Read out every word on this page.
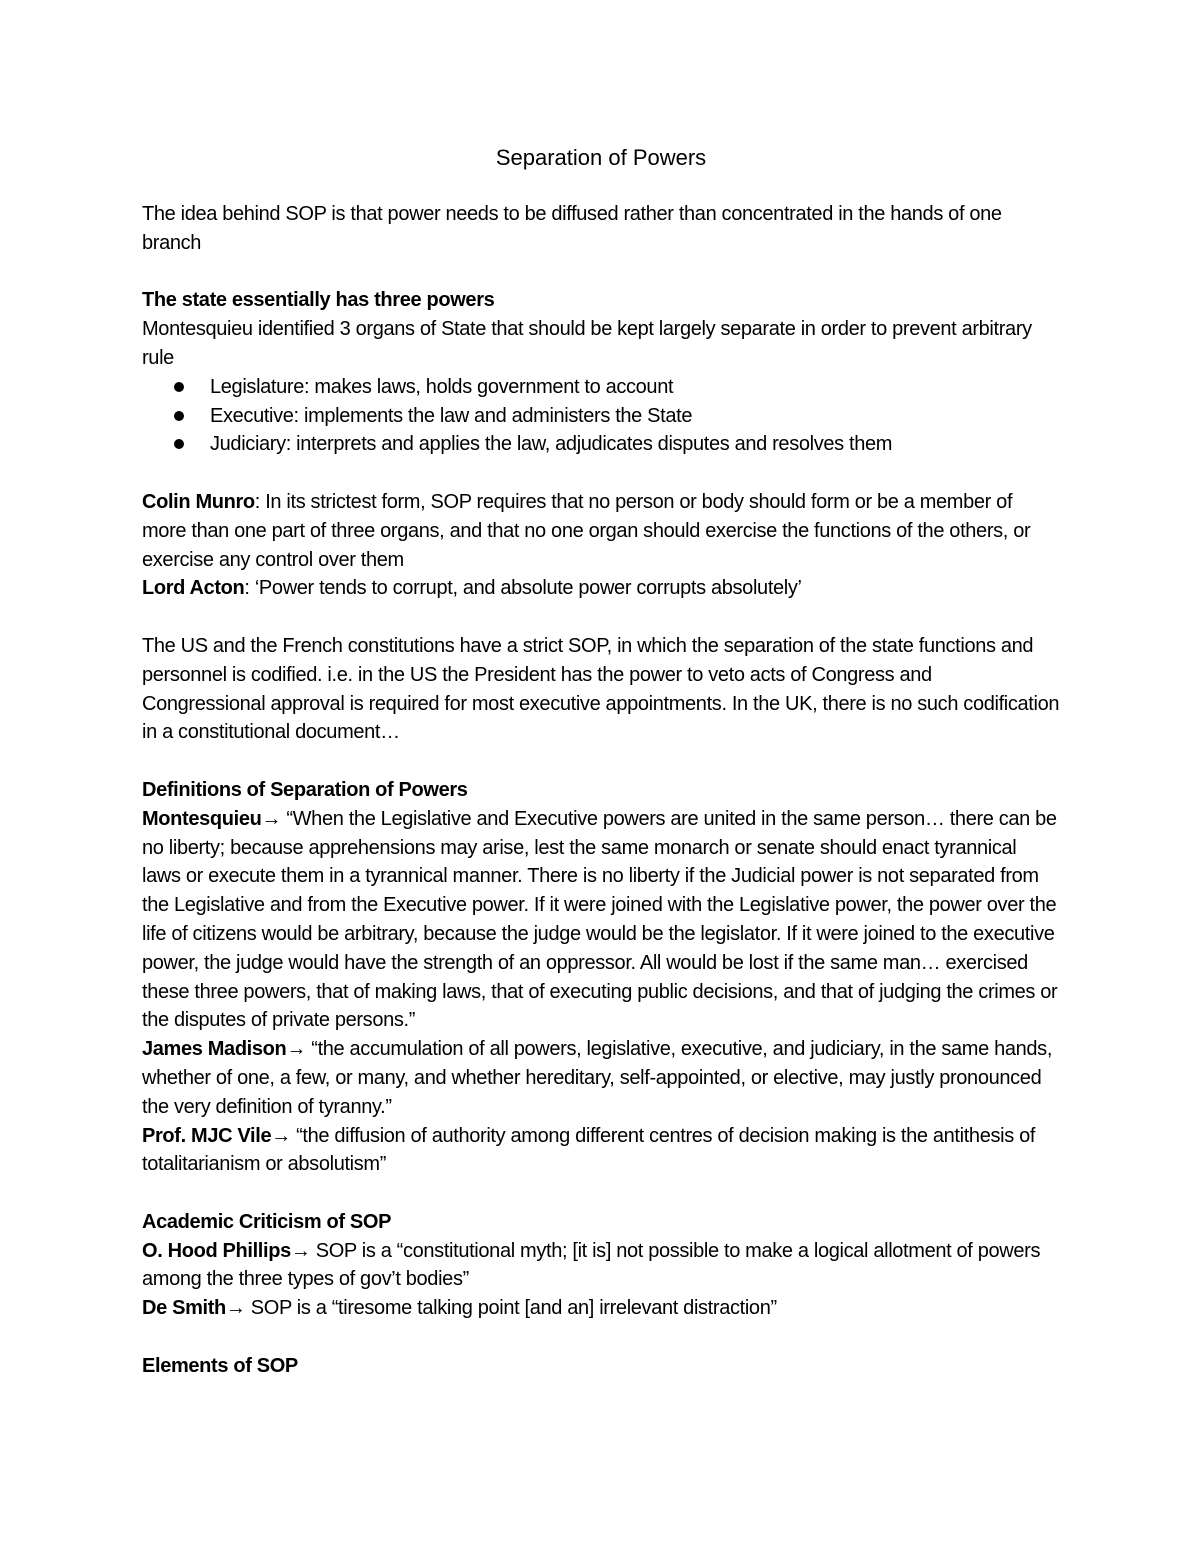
Separation of Powers

The idea behind SOP is that power needs to be diffused rather than concentrated in the hands of one branch

The state essentially has three powers

Montesquieu identified 3 organs of State that should be kept largely separate in order to prevent arbitrary rule

Legislature: makes laws, holds government to account
Executive: implements the law and administers the State
Judiciary: interprets and applies the law, adjudicates disputes and resolves them

Colin Munro: In its strictest form, SOP requires that no person or body should form or be a member of more than one part of three organs, and that no one organ should exercise the functions of the others, or exercise any control over them

Lord Acton: ‘Power tends to corrupt, and absolute power corrupts absolutely’

The US and the French constitutions have a strict SOP, in which the separation of the state functions and personnel is codified. i.e. in the US the President has the power to veto acts of Congress and Congressional approval is required for most executive appointments. In the UK, there is no such codification in a constitutional document…

Definitions of Separation of Powers

Montesquieu→ “When the Legislative and Executive powers are united in the same person… there can be no liberty; because apprehensions may arise, lest the same monarch or senate should enact tyrannical laws or execute them in a tyrannical manner. There is no liberty if the Judicial power is not separated from the Legislative and from the Executive power. If it were joined with the Legislative power, the power over the life of citizens would be arbitrary, because the judge would be the legislator. If it were joined to the executive power, the judge would have the strength of an oppressor. All would be lost if the same man… exercised these three powers, that of making laws, that of executing public decisions, and that of judging the crimes or the disputes of private persons.”

James Madison→ “the accumulation of all powers, legislative, executive, and judiciary, in the same hands, whether of one, a few, or many, and whether hereditary, self-appointed, or elective, may justly pronounced the very definition of tyranny.”

Prof. MJC Vile→ “the diffusion of authority among different centres of decision making is the antithesis of totalitarianism or absolutism”

Academic Criticism of SOP

O. Hood Phillips→ SOP is a “constitutional myth; [it is] not possible to make a logical allotment of powers among the three types of gov’t bodies”

De Smith→ SOP is a “tiresome talking point [and an] irrelevant distraction”

Elements of SOP
